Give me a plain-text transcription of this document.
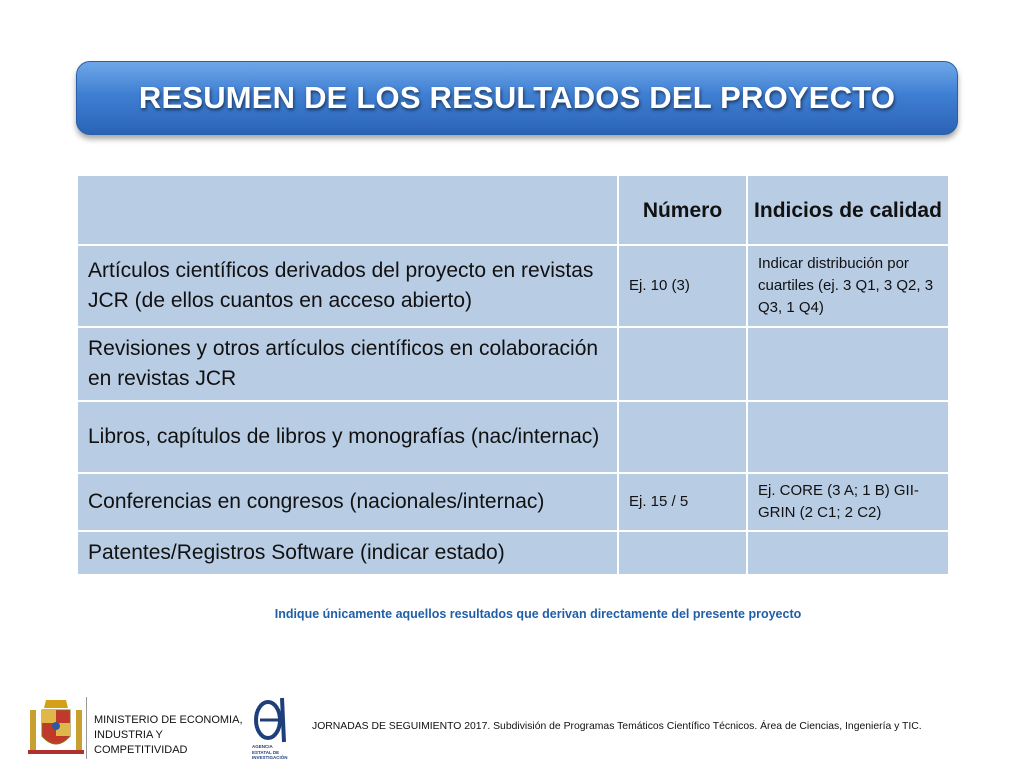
RESUMEN DE LOS RESULTADOS DEL PROYECTO
	Número	Indicios de calidad
Artículos científicos derivados del proyecto en revistas JCR (de ellos cuantos en acceso abierto)	Ej. 10 (3)	Indicar distribución por cuartiles (ej. 3 Q1, 3 Q2, 3 Q3, 1 Q4)
Revisiones y otros artículos científicos en colaboración en revistas JCR		
Libros, capítulos de libros y monografías (nac/internac)		
Conferencias en congresos (nacionales/internac)	Ej. 15 / 5	Ej. CORE (3 A; 1 B) GII-GRIN (2 C1; 2 C2)
Patentes/Registros Software (indicar estado)		
Indique únicamente aquellos resultados que derivan directamente del presente proyecto
MINISTERIO DE ECONOMIA, INDUSTRIA Y COMPETITIVIDAD	AGENCIA ESTATAL DE INVESTIGACIÓN
JORNADAS DE SEGUIMIENTO 2017. Subdivisión de Programas Temáticos Científico Técnicos. Área de Ciencias, Ingeniería y TIC.
